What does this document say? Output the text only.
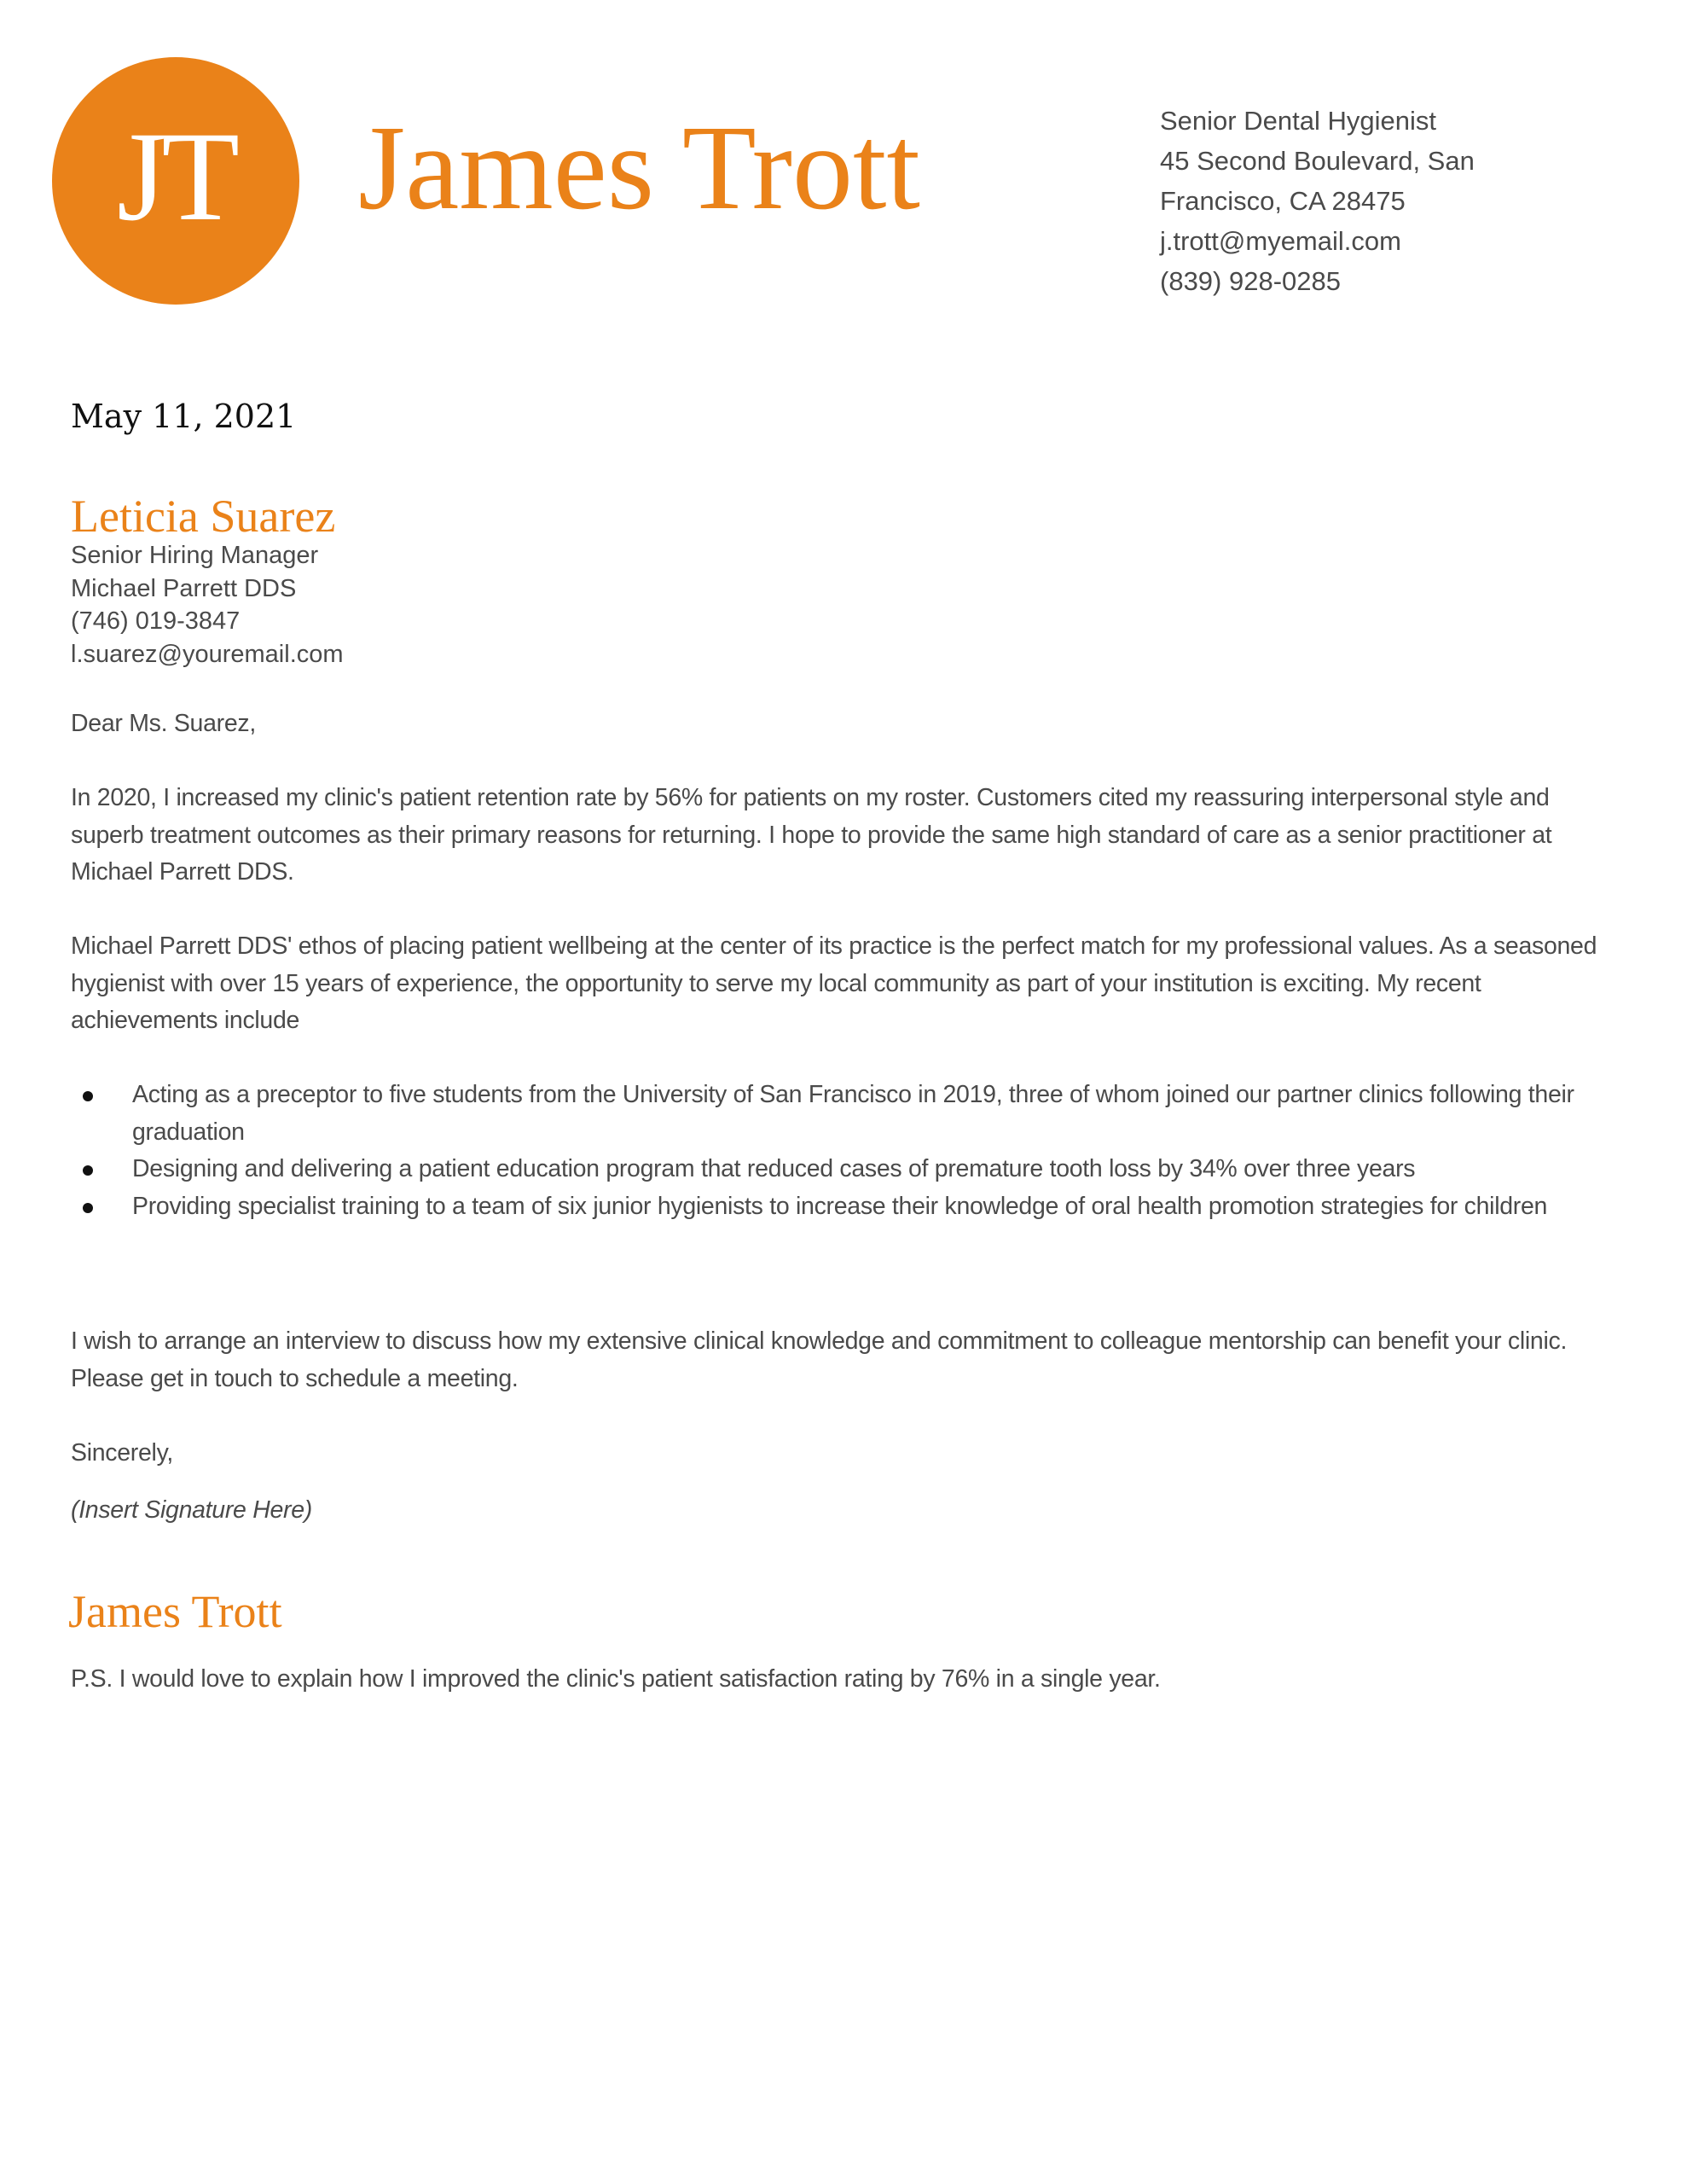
JT James Trott	Senior Dental Hygienist
45 Second Boulevard, San
Francisco, CA 28475
j.trott@myemail.com
(839) 928-0285
May 11, 2021
Leticia Suarez
Senior Hiring Manager
Michael Parrett DDS
(746) 019-3847
l.suarez@youremail.com
Dear Ms. Suarez,
In 2020, I increased my clinic's patient retention rate by 56% for patients on my roster. Customers cited my reassuring interpersonal style and superb treatment outcomes as their primary reasons for returning. I hope to provide the same high standard of care as a senior practitioner at Michael Parrett DDS.
Michael Parrett DDS' ethos of placing patient wellbeing at the center of its practice is the perfect match for my professional values. As a seasoned hygienist with over 15 years of experience, the opportunity to serve my local community as part of your institution is exciting. My recent achievements include
Acting as a preceptor to five students from the University of San Francisco in 2019, three of whom joined our partner clinics following their graduation
Designing and delivering a patient education program that reduced cases of premature tooth loss by 34% over three years
Providing specialist training to a team of six junior hygienists to increase their knowledge of oral health promotion strategies for children
I wish to arrange an interview to discuss how my extensive clinical knowledge and commitment to colleague mentorship can benefit your clinic. Please get in touch to schedule a meeting.
Sincerely,
(Insert Signature Here)
James Trott
P.S. I would love to explain how I improved the clinic's patient satisfaction rating by 76% in a single year.
